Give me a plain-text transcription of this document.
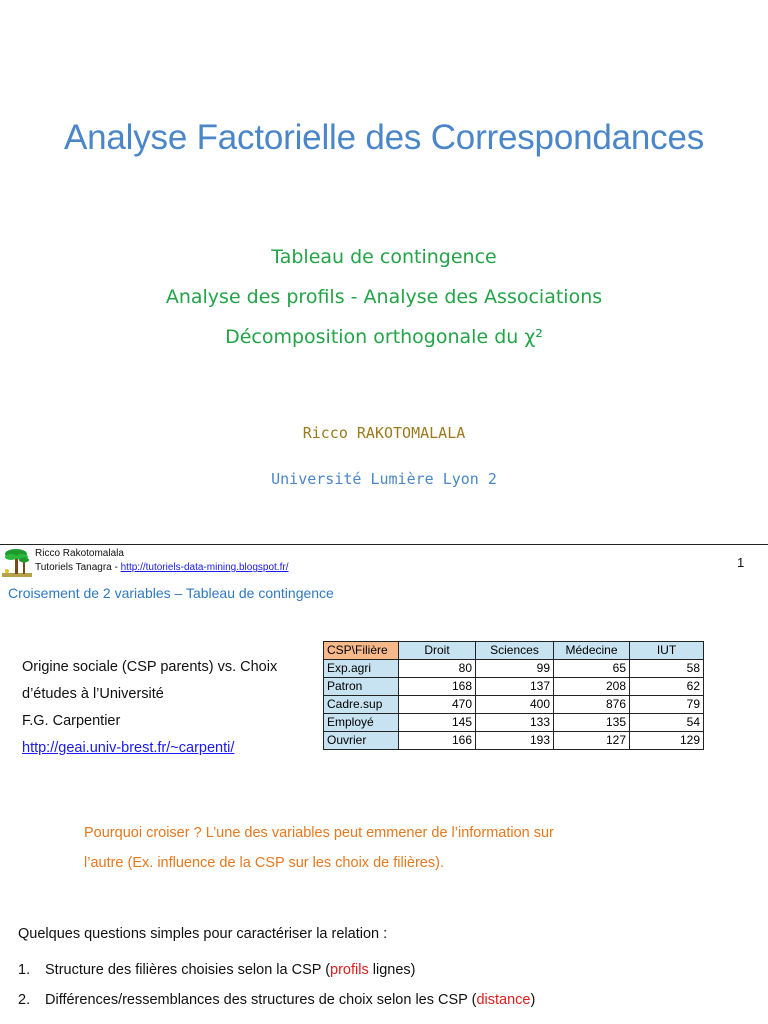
Analyse Factorielle des Correspondances
Tableau de contingence
Analyse des profils - Analyse des Associations
Décomposition orthogonale du χ²
Ricco RAKOTOMALALA
Université Lumière Lyon 2
Ricco Rakotomalala
Tutoriels Tanagra - http://tutoriels-data-mining.blogspot.fr/	1
Croisement de 2 variables – Tableau de contingence
Origine sociale (CSP parents) vs. Choix
d’études à l’Université
F.G. Carpentier
http://geai.univ-brest.fr/~carpenti/
CSP\Filière	Droit	Sciences	Médecine	IUT
Exp.agri	80	99	65	58
Patron	168	137	208	62
Cadre.sup	470	400	876	79
Employé	145	133	135	54
Ouvrier	166	193	127	129
Pourquoi croiser ? L’une des variables peut emmener de l’information sur
l’autre (Ex. influence de la CSP sur les choix de filières).
Quelques questions simples pour caractériser la relation :
1. Structure des filières choisies selon la CSP (profils lignes)
2. Différences/ressemblances des structures de choix selon les CSP (distance)
